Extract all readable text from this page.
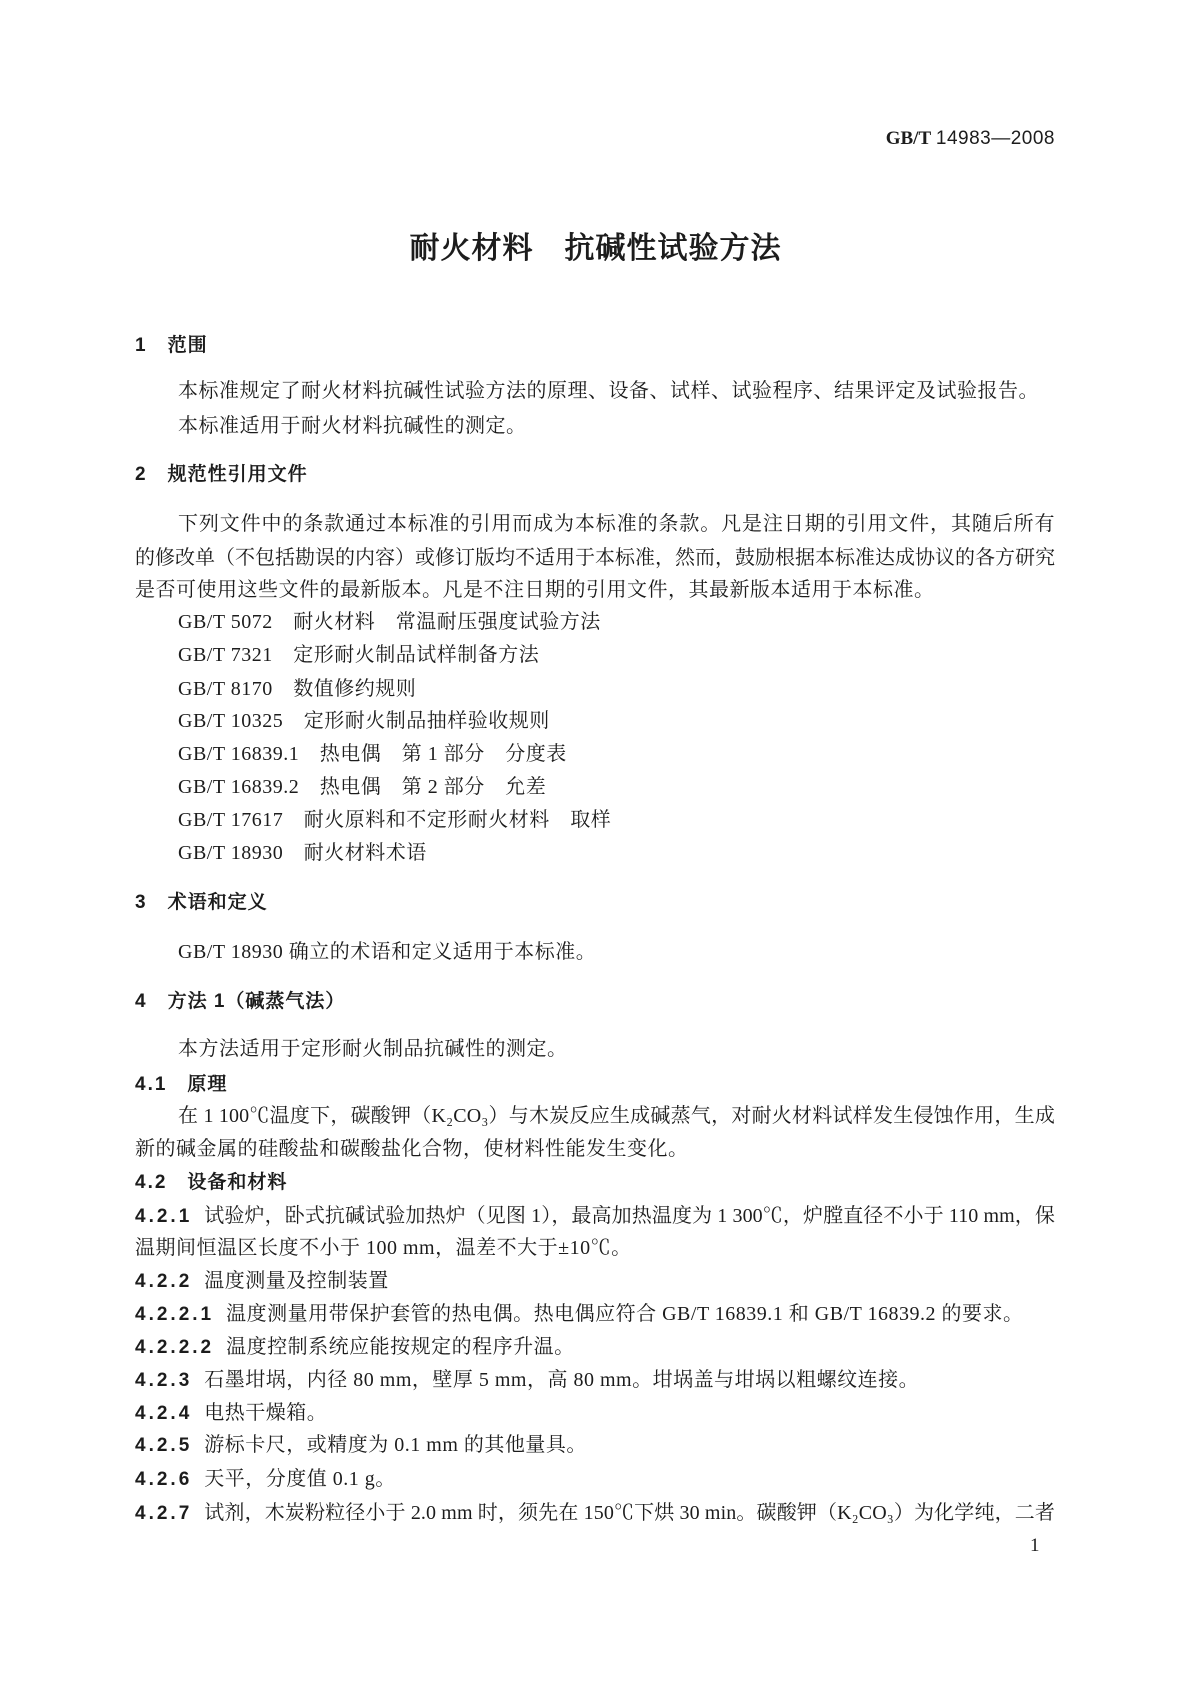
GB/T 14983—2008
耐火材料　抗碱性试验方法
1 范围
本标准规定了耐火材料抗碱性试验方法的原理、设备、试样、试验程序、结果评定及试验报告。
本标准适用于耐火材料抗碱性的测定。
2 规范性引用文件
下列文件中的条款通过本标准的引用而成为本标准的条款。凡是注日期的引用文件，其随后所有
的修改单（不包括勘误的内容）或修订版均不适用于本标准，然而，鼓励根据本标准达成协议的各方研究
是否可使用这些文件的最新版本。凡是不注日期的引用文件，其最新版本适用于本标准。
GB/T 5072　耐火材料　常温耐压强度试验方法
GB/T 7321　定形耐火制品试样制备方法
GB/T 8170　数值修约规则
GB/T 10325　定形耐火制品抽样验收规则
GB/T 16839.1　热电偶　第 1 部分　分度表
GB/T 16839.2　热电偶　第 2 部分　允差
GB/T 17617　耐火原料和不定形耐火材料　取样
GB/T 18930　耐火材料术语
3 术语和定义
GB/T 18930 确立的术语和定义适用于本标准。
4 方法 1（碱蒸气法）
本方法适用于定形耐火制品抗碱性的测定。
4.1 原理
在 1 100℃温度下，碳酸钾（K₂CO₃）与木炭反应生成碱蒸气，对耐火材料试样发生侵蚀作用，生成
新的碱金属的硅酸盐和碳酸盐化合物，使材料性能发生变化。
4.2 设备和材料
4.2.1 试验炉，卧式抗碱试验加热炉（见图 1），最高加热温度为 1 300℃，炉膛直径不小于 110 mm，保
温期间恒温区长度不小于 100 mm，温差不大于±10℃。
4.2.2 温度测量及控制装置
4.2.2.1 温度测量用带保护套管的热电偶。热电偶应符合 GB/T 16839.1 和 GB/T 16839.2 的要求。
4.2.2.2 温度控制系统应能按规定的程序升温。
4.2.3 石墨坩埚，内径 80 mm，壁厚 5 mm，高 80 mm。坩埚盖与坩埚以粗螺纹连接。
4.2.4 电热干燥箱。
4.2.5 游标卡尺，或精度为 0.1 mm 的其他量具。
4.2.6 天平，分度值 0.1 g。
4.2.7 试剂，木炭粉粒径小于 2.0 mm 时，须先在 150℃下烘 30 min。碳酸钾（K₂CO₃）为化学纯，二者
1
